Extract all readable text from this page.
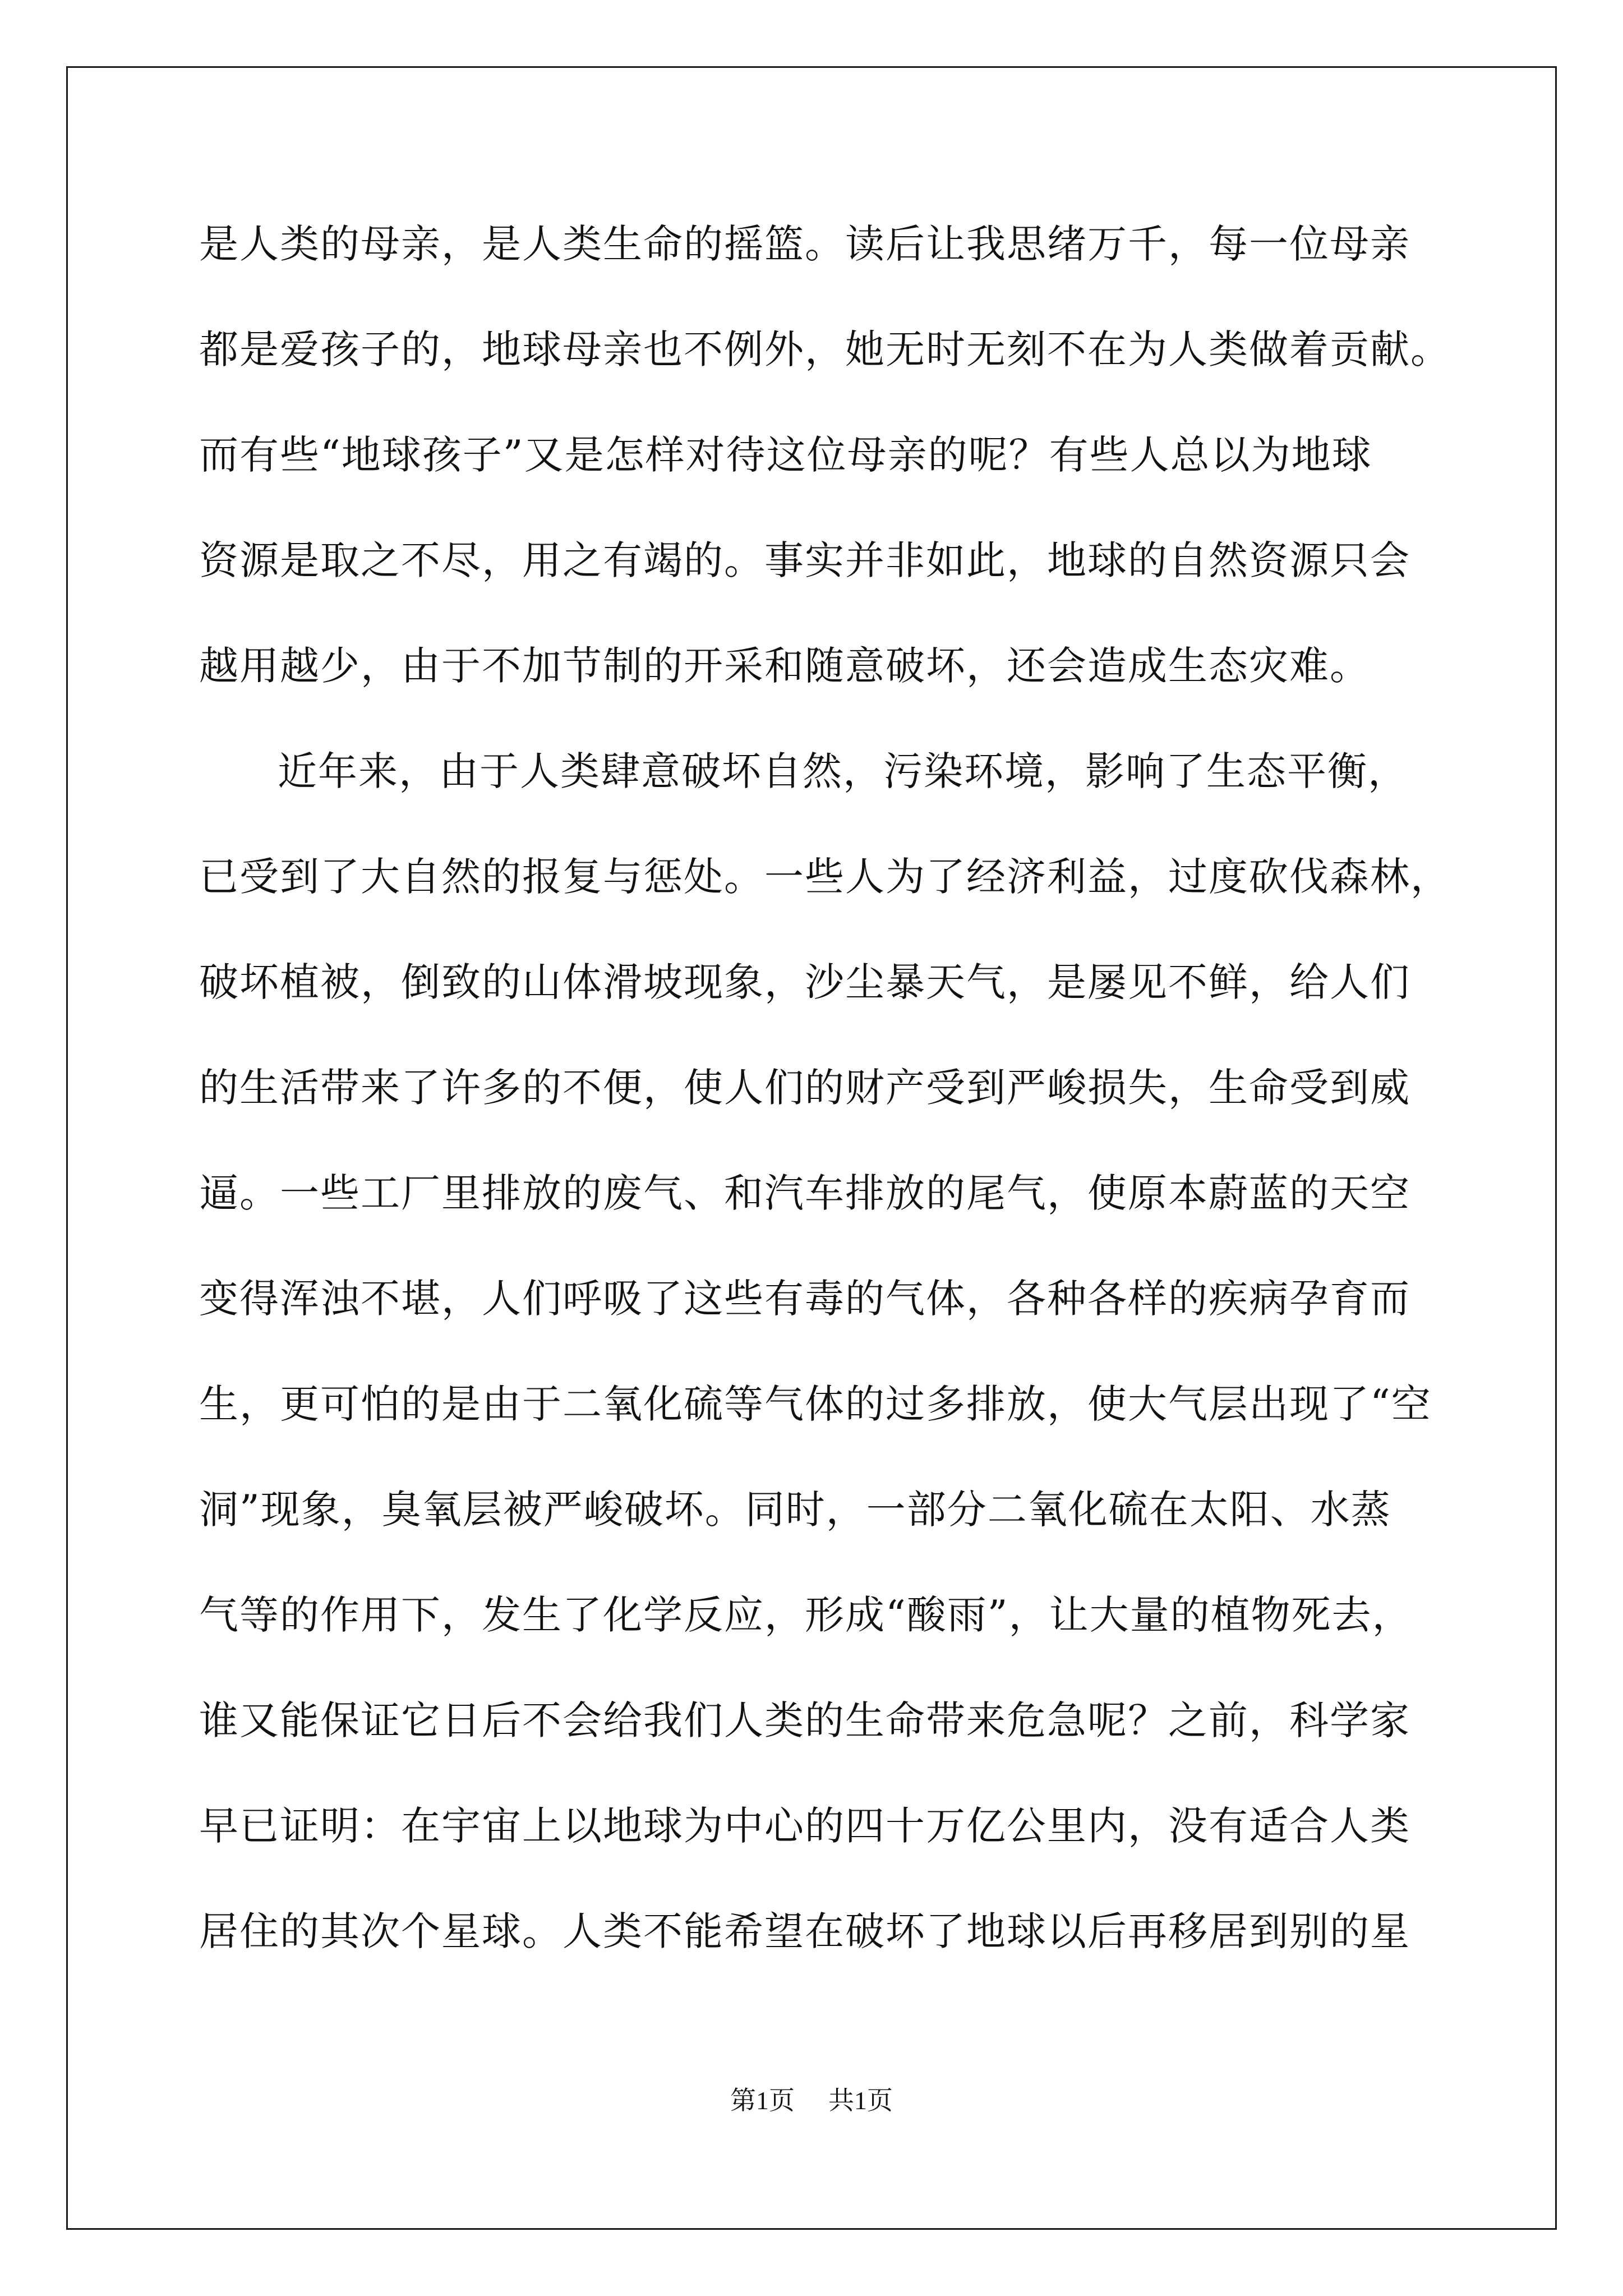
是人类的母亲，是人类生命的摇篮。读后让我思绪万千，每一位母亲
都是爱孩子的，地球母亲也不例外，她无时无刻不在为人类做着贡献。
而有些“地球孩子”又是怎样对待这位母亲的呢？有些人总以为地球
资源是取之不尽，用之有竭的。事实并非如此，地球的自然资源只会
越用越少，由于不加节制的开采和随意破坏，还会造成生态灾难。
近年来，由于人类肆意破坏自然，污染环境，影响了生态平衡，
已受到了大自然的报复与惩处。一些人为了经济利益，过度砍伐森林，
破坏植被，倒致的山体滑坡现象，沙尘暴天气，是屡见不鲜，给人们
的生活带来了许多的不便，使人们的财产受到严峻损失，生命受到威
逼。一些工厂里排放的废气、和汽车排放的尾气，使原本蔚蓝的天空
变得浑浊不堪，人们呼吸了这些有毒的气体，各种各样的疾病孕育而
生，更可怕的是由于二氧化硫等气体的过多排放，使大气层出现了“空
洞”现象，臭氧层被严峻破坏。同时，一部分二氧化硫在太阳、水蒸
气等的作用下，发生了化学反应，形成“酸雨”，让大量的植物死去，
谁又能保证它日后不会给我们人类的生命带来危急呢？之前，科学家
早已证明：在宇宙上以地球为中心的四十万亿公里内，没有适合人类
居住的其次个星球。人类不能希望在破坏了地球以后再移居到别的星
第1页 共1页
